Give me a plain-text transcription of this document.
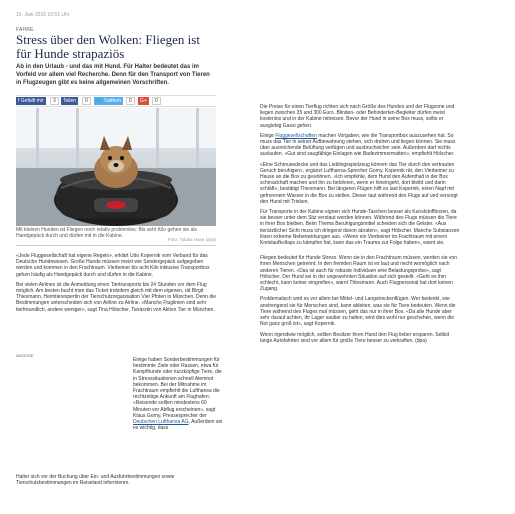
15. Juni 2015 10:51 Uhr
FAHRE
Stress über den Wolken: Fliegen ist für Hunde strapaziös
Ab in den Urlaub - und das mit Hund. Für Halter bedeutet das im Vorfeld vor allem viel Recherche. Denn für den Transport von Tieren in Flugzeugen gibt es keine allgemeinen Vorschriften.
f Gefällt mir	3	Teilen	0	🐦 Twittern	0	G+	0
Mit kleinen Hunden ist Fliegen noch relativ problemlos: Bis acht Kilo gehen sie als Handgepäck durch und dürfen mit in die Kabine.
Foto: Tobias Hase (dpa)

«Jede Fluggesellschaft hat eigene Regeln», erklärt Udo Kopernik vom Verband für das Deutsche Hundewesen. Große Hunde müssen meist wie Sondergepäck aufgegeben werden und kommen in den Frachtraum. Vierbeiner bis acht Kilo inklusive Transportbox gehen häufig als Handgepäck durch und dürfen in die Kabine.

Bei vielen Airlines ist die Anmeldung eines Tiertransports bis 24 Stunden vor dem Flug möglich. Am besten bucht man das Ticket trotzdem gleich mit dem eigenen, rät Birgit Thiesmann, Heimtierexpertin der Tierschutzorganisation Vier Pfoten in München. Denn die Bestimmungen unterscheiden sich von Airline zu Airline. «Manche Fluglinien sind sehr tierfreundlich, andere weniger», sagt Tina Hölscher, Tierärztin von Aktion Tier in München.

ANZEIGE
Einige haben Sonderbestimmungen für bestimmte Ziele oder Rassen, etwa für Kampfhunde oder kurzköpfige Tiere, die in Stresssituationen schnell Atemnot bekommen. Bei der Mitnahme im Frachtraum empfiehlt die Lufthansa die rechtzeitige Ankunft am Flughafen: «Reisende sollten mindestens 60 Minuten vor Abflug erscheinen», sagt Klaus Gorny, Pressesprecher der Deutschen Lufthansa AG. Außerdem sei es wichtig, dass
Halter sich vor der Buchung über Ein- und Ausfuhrbestimmungen sowie Tierschutzbestimmungen im Reiseland informieren.

Die Preise für einen Tierflug richten sich nach Größe des Hundes und der Flugzone und liegen zwischen 35 und 300 Euro. Blinden- oder Behinderten-Begleiter dürfen meist kostenlos und in der Kabine mitreisen. Bevor der Hund in seine Box muss, sollte er ausgiebig Gassi gehen.

Einige Fluggesellschaften machen Vorgaben, wie die Transportbox auszusehen hat. So muss das Tier in seiner Aufbewahrung stehen, sich drehen und liegen können. Sie muss über ausreichende Belüftung verfügen und ausbruchsicher sein. Außerdem darf nichts auslaufen. «Gut sind saugfähige Einlagen wie Badezimmermatten», empfiehlt Hölscher.

«Eine Schmusedecke und das Lieblingsspielzeug können das Tier durch den vertrauten Geruch beruhigen», ergänzt Lufthansa-Sprecher Gorny. Kopernik rät, den Vierbeiner zu Hause an die Box zu gewöhnen. «Ich empfehle, dem Hund den Aufenthalt in der Box schmackhaft machen und ihn zu belohnen, wenn er hineingeht, dort bleibt und darin schläft», bestätigt Thiesmann. Bei längeren Flügen hilft es laut Kopernik, einen Napf mit gefrorenem Wasser in die Box zu stellen. Dieser taut während des Flugs auf und versorgt den Hund mit Trinken.

Für Transporte in der Kabine eignen sich Hunde-Taschen besser als Kunststoffboxen, da sie besser unter dem Sitz verstaut werden können. Während des Flugs müssen die Tiere in ihrer Box bleiben. Beim Thema Beruhigungsmittel scheiden sich die Geister. «Aus tierärztlicher Sicht muss ich dringend davon abraten», sagt Hölscher. Manche Substanzen lösen extreme Nebenwirkungen aus. «Wenn ein Vierbeiner im Frachtraum mit einem Kreislaufkollaps zu kämpfen hat, kann das ein Trauma zur Folge haben», warnt sie.

Fliegen bedeutet für Hunde Stress. Wenn sie in den Frachtraum müssen, werden sie von ihren Menschen getrennt. In den fremden Raum ist es laut und riecht womöglich nach anderen Tieren. «Das ist auch für robuste Individuen eine Belastungsprobe», sagt Hölscher. Der Hund sei in der ungewohnten Situation auf sich gestellt. «Geht es ihm schlecht, kann keiner eingreifen», warnt Thiesmann. Auch Flugpersonal hat dort keinen Zugang.

Problematisch wird es vor allem bei Mittel- und Langstreckenflügen. Wer bedenkt, wie anstrengend sie für Menschen sind, kann ableiten, was sie für Tiere bedeuten. Wenn die Tiere während des Fluges mal müssen, geht das nur in ihrer Box. «Da alle Hunde aber sehr darauf achten, ihr Lager sauber zu halten, wird dies wohl nur geschehen, wenn die Not ganz groß ist», sagt Kopernik.

Wenn irgendwie möglich, sollten Besitzer ihren Hund den Flug lieber ersparen. Selbst lange Autofahrten sind vor allem für große Tiere besser zu verkraften. (dpa)
